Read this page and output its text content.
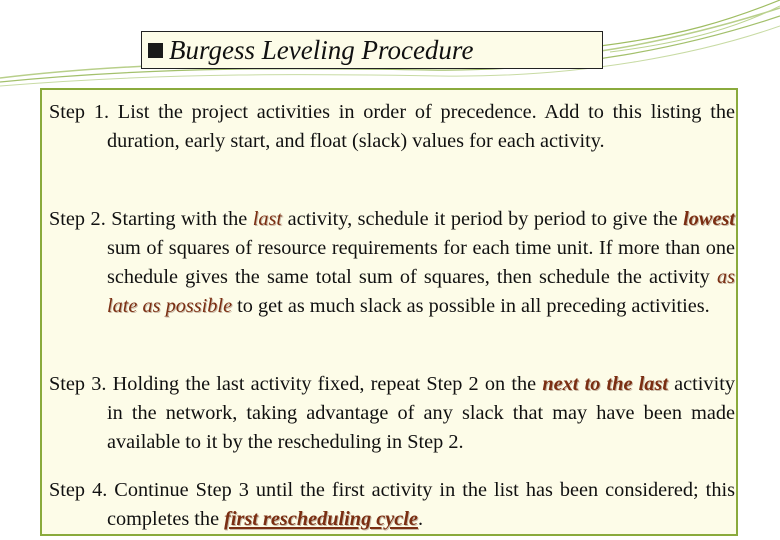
Burgess Leveling Procedure
Step 1. List the project activities in order of precedence. Add to this listing the duration, early start, and float (slack) values for each activity.
Step 2. Starting with the last activity, schedule it period by period to give the lowest sum of squares of resource requirements for each time unit. If more than one schedule gives the same total sum of squares, then schedule the activity as late as possible to get as much slack as possible in all preceding activities.
Step 3. Holding the last activity fixed, repeat Step 2 on the next to the last activity in the network, taking advantage of any slack that may have been made available to it by the rescheduling in Step 2.
Step 4. Continue Step 3 until the first activity in the list has been considered; this completes the first rescheduling cycle.
